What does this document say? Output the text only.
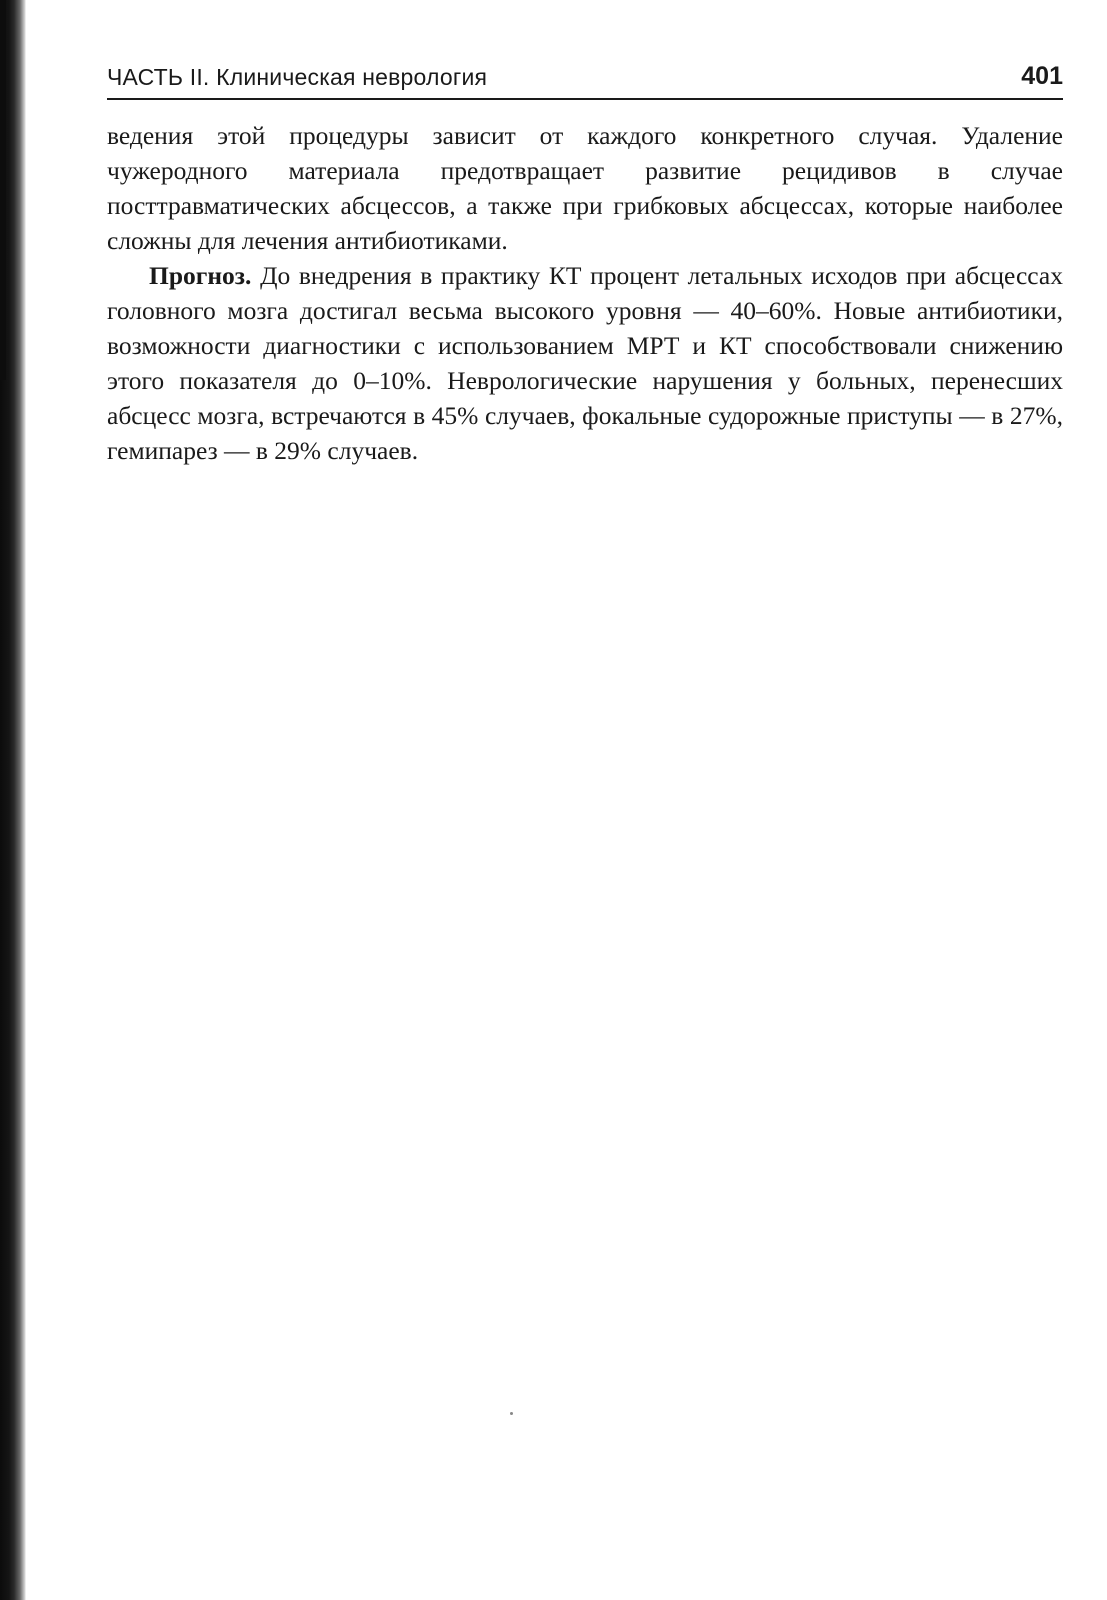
ЧАСТЬ II. Клиническая неврология	401

ведения этой процедуры зависит от каждого конкретного случая. Удаление чужеродного материала предотвращает развитие рецидивов в случае посттравматических абсцессов, а также при грибковых абсцессах, которые наиболее сложны для лечения антибиотиками.

Прогноз. До внедрения в практику КТ процент летальных исходов при абсцессах головного мозга достигал весьма высокого уровня — 40–60%. Новые антибиотики, возможности диагностики с использованием МРТ и КТ способствовали снижению этого показателя до 0–10%. Неврологические нарушения у больных, перенесших абсцесс мозга, встречаются в 45% случаев, фокальные судорожные приступы — в 27%, гемипарез — в 29% случаев.
